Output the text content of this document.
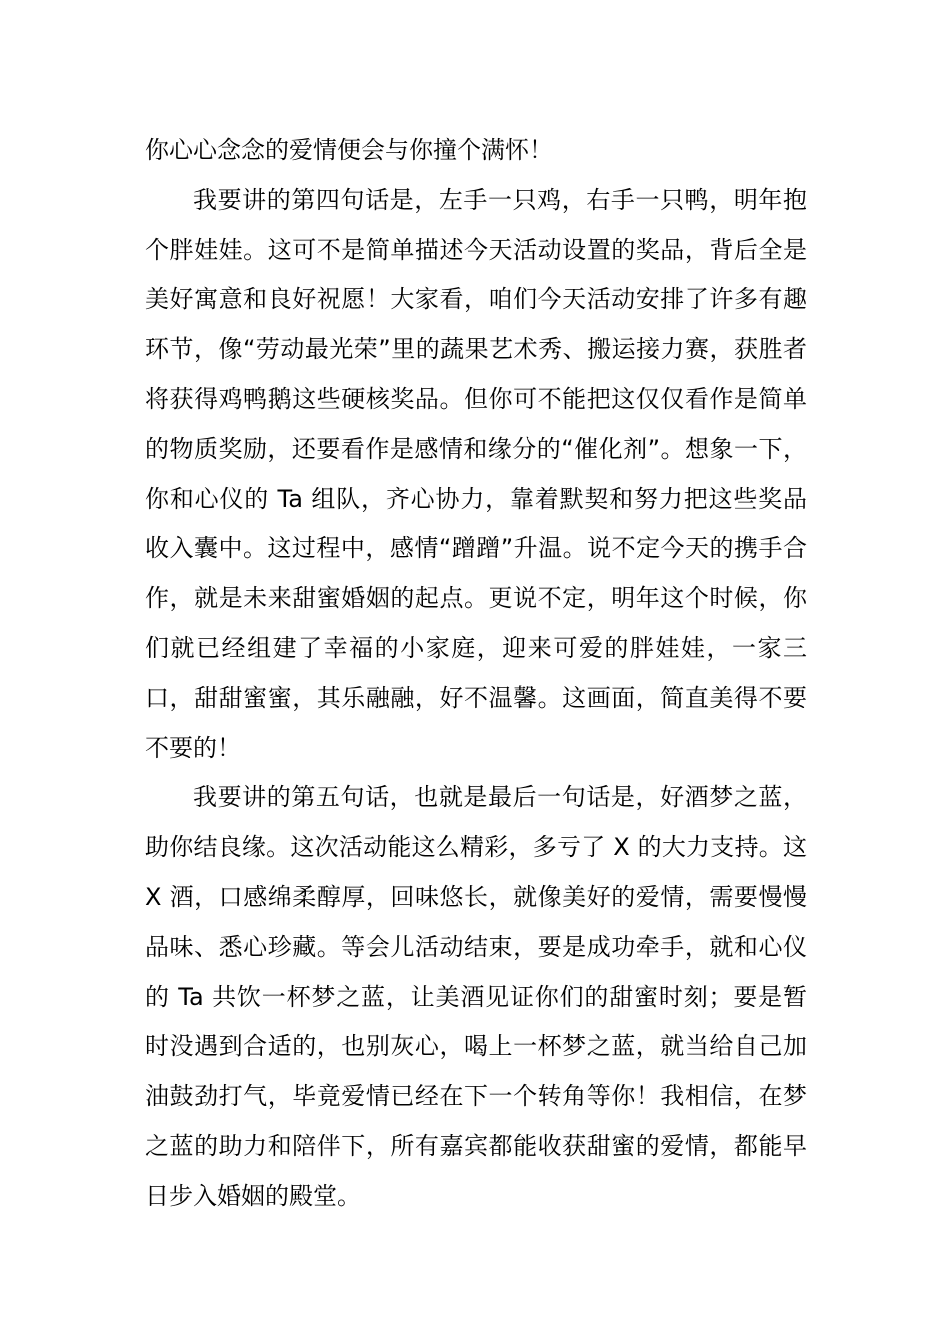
你心心念念的爱情便会与你撞个满怀！

我要讲的第四句话是，左手一只鸡，右手一只鸭，明年抱个胖娃娃。这可不是简单描述今天活动设置的奖品，背后全是美好寓意和良好祝愿！大家看，咱们今天活动安排了许多有趣环节，像“劳动最光荣”里的蔬果艺术秀、搬运接力赛，获胜者将获得鸡鸭鹅这些硬核奖品。但你可不能把这仅仅看作是简单的物质奖励，还要看作是感情和缘分的“催化剂”。想象一下，你和心仪的 Ta 组队，齐心协力，靠着默契和努力把这些奖品收入囊中。这过程中，感情“蹭蹭”升温。说不定今天的携手合作，就是未来甜蜜婚姻的起点。更说不定，明年这个时候，你们就已经组建了幸福的小家庭，迎来可爱的胖娃娃，一家三口，甜甜蜜蜜，其乐融融，好不温馨。这画面，简直美得不要不要的！

我要讲的第五句话，也就是最后一句话是，好酒梦之蓝，助你结良缘。这次活动能这么精彩，多亏了 X 的大力支持。这 X 酒，口感绵柔醇厚，回味悠长，就像美好的爱情，需要慢慢品味、悉心珍藏。等会儿活动结束，要是成功牵手，就和心仪的 Ta 共饮一杯梦之蓝，让美酒见证你们的甜蜜时刻；要是暂时没遇到合适的，也别灰心，喝上一杯梦之蓝，就当给自己加油鼓劲打气，毕竟爱情已经在下一个转角等你！我相信，在梦之蓝的助力和陪伴下，所有嘉宾都能收获甜蜜的爱情，都能早日步入婚姻的殿堂。
